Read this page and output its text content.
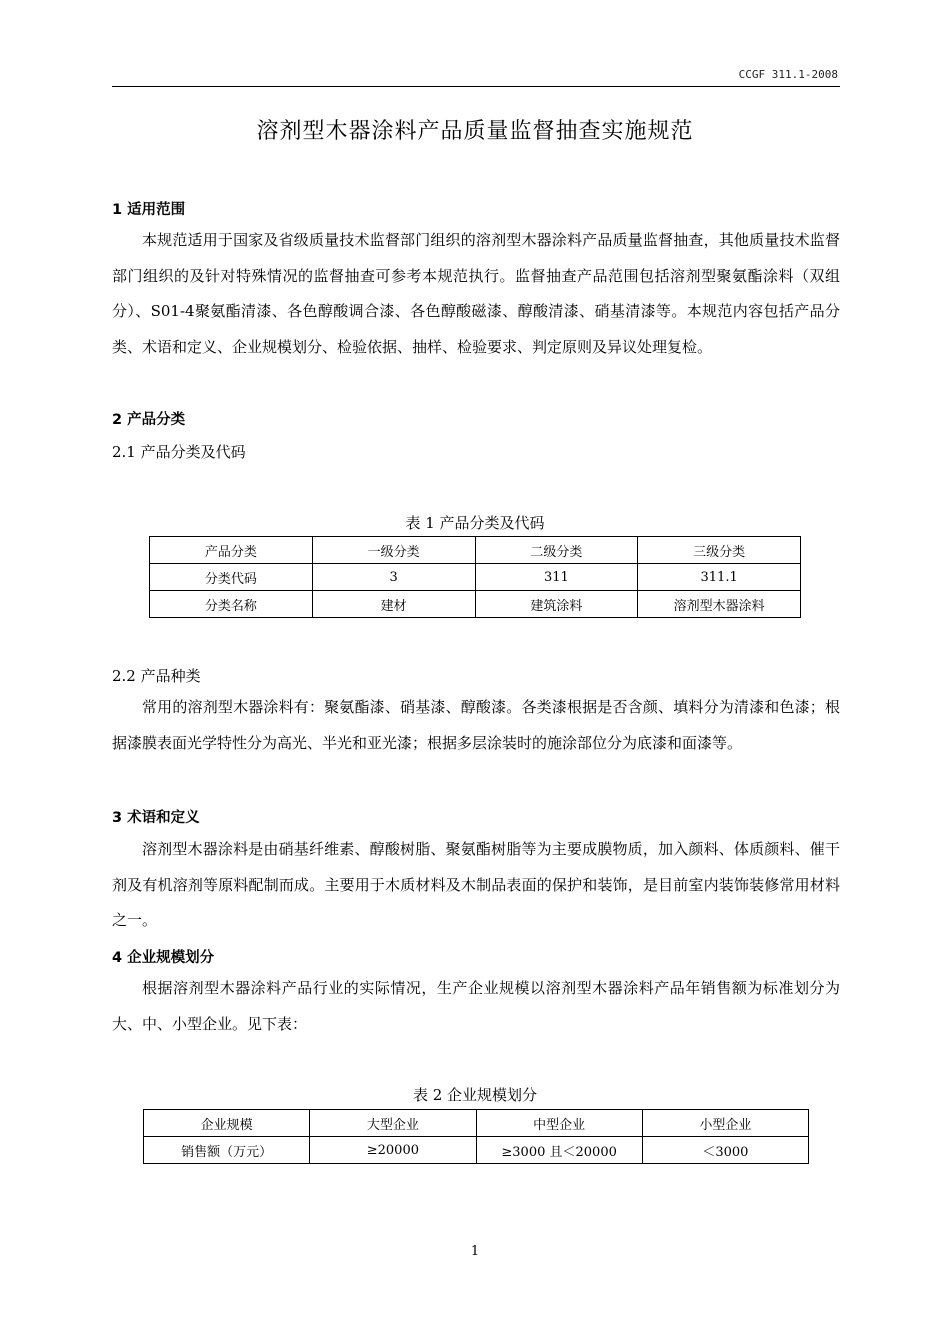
CCGF 311.1-2008
溶剂型木器涂料产品质量监督抽查实施规范
1 适用范围
本规范适用于国家及省级质量技术监督部门组织的溶剂型木器涂料产品质量监督抽查，其他质量技术监督部门组织的及针对特殊情况的监督抽查可参考本规范执行。监督抽查产品范围包括溶剂型聚氨酯涂料（双组分）、S01-4聚氨酯清漆、各色醇酸调合漆、各色醇酸磁漆、醇酸清漆、硝基清漆等。本规范内容包括产品分类、术语和定义、企业规模划分、检验依据、抽样、检验要求、判定原则及异议处理复检。
2 产品分类
2.1 产品分类及代码
表 1 产品分类及代码
产品分类	一级分类	二级分类	三级分类
分类代码	3	311	311.1
分类名称	建材	建筑涂料	溶剂型木器涂料
2.2 产品种类
常用的溶剂型木器涂料有：聚氨酯漆、硝基漆、醇酸漆。各类漆根据是否含颜、填料分为清漆和色漆；根据漆膜表面光学特性分为高光、半光和亚光漆；根据多层涂装时的施涂部位分为底漆和面漆等。
3 术语和定义
溶剂型木器涂料是由硝基纤维素、醇酸树脂、聚氨酯树脂等为主要成膜物质，加入颜料、体质颜料、催干剂及有机溶剂等原料配制而成。主要用于木质材料及木制品表面的保护和装饰，是目前室内装饰装修常用材料之一。
4 企业规模划分
根据溶剂型木器涂料产品行业的实际情况，生产企业规模以溶剂型木器涂料产品年销售额为标准划分为大、中、小型企业。见下表：
表 2 企业规模划分
企业规模	大型企业	中型企业	小型企业
销售额（万元）	≥20000	≥3000 且＜20000	＜3000
1
